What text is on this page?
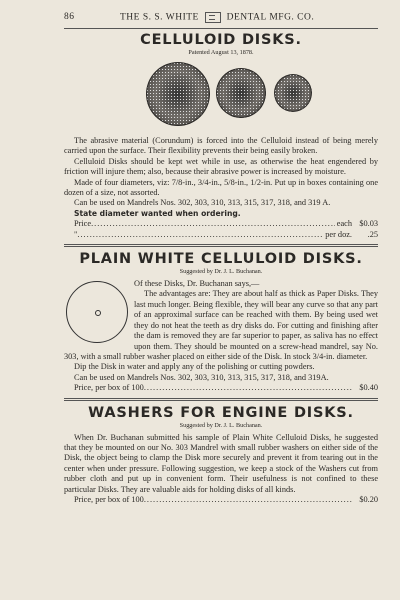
86	THE S. S. WHITE	DENTAL MFG. CO.
CELLULOID DISKS.
Patented August 13, 1878.

The abrasive material (Corundum) is forced into the Celluloid instead of being merely carried upon the surface. Their flexibility prevents their being easily broken.

Celluloid Disks should be kept wet while in use, as otherwise the heat engendered by friction will injure them; also, because their abrasive power is increased by moisture.

Made of four diameters, viz: 7/8-in., 3/4-in., 5/8-in., 1/2-in. Put up in boxes containing one dozen of a size, not assorted.

Can be used on Mandrels Nos. 302, 303, 310, 313, 315, 317, 318, and 319 A.

State diameter wanted when ordering.

Price .....	each $0.03
" .....	per doz.	.25
PLAIN WHITE CELLULOID DISKS.
Suggested by Dr. J. L. Buchanan.

Of these Disks, Dr. Buchanan says,—

The advantages are: They are about half as thick as Paper Disks. They last much longer. Being flexible, they will bear any curve so that any part of an approximal surface can be reached with them. By being used wet they do not heat the teeth as dry disks do. For cutting and finishing after the dam is removed they are far superior to paper, as saliva has no effect upon them. They should be mounted on a screw-head mandrel, say No. 303, with a small rubber washer placed on either side of the Disk. In stock 3/4-in. diameter.

Dip the Disk in water and apply any of the polishing or cutting powders.

Can be used on Mandrels Nos. 302, 303, 310, 313, 315, 317, 318, and 319A.

Price, per box of 100 .....	$0.40
WASHERS FOR ENGINE DISKS.
Suggested by Dr. J. L. Buchanan.

When Dr. Buchanan submitted his sample of Plain White Celluloid Disks, he suggested that they be mounted on our No. 303 Mandrel with small rubber washers on either side of the Disk, the object being to clamp the Disk more securely and prevent it from tearing out in the center when under pressure. Following suggestion, we keep a stock of the Washers cut from rubber cloth and put up in convenient form. Their usefulness is not confined to these particular Disks. They are valuable aids for holding disks of all kinds.

Price, per box of 100 .....	$0.20
